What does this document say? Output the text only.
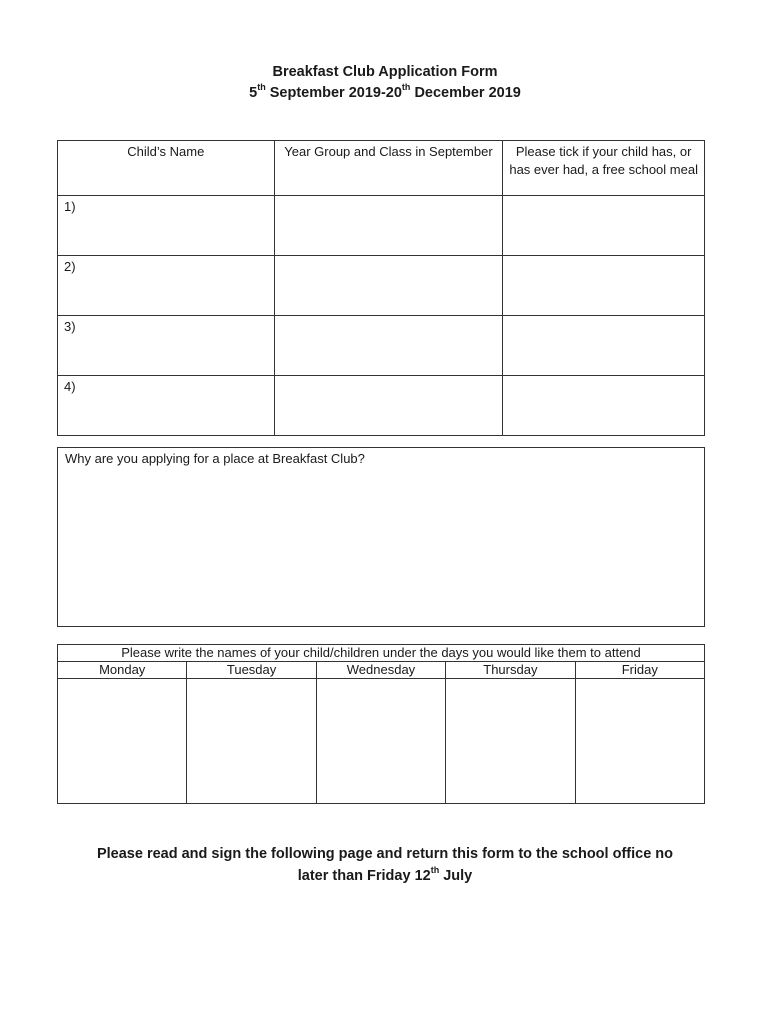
Breakfast Club Application Form
5th September 2019-20th December 2019
Child’s Name	Year Group and Class in September	Please tick if your child has, or has ever had, a free school meal
1)		
2)		
3)		
4)		
Why are you applying for a place at Breakfast Club?
Please write the names of your child/children under the days you would like them to attend				
Monday	Tuesday	Wednesday	Thursday	Friday

Please read and sign the following page and return this form to the school office no
later than Friday 12th July
